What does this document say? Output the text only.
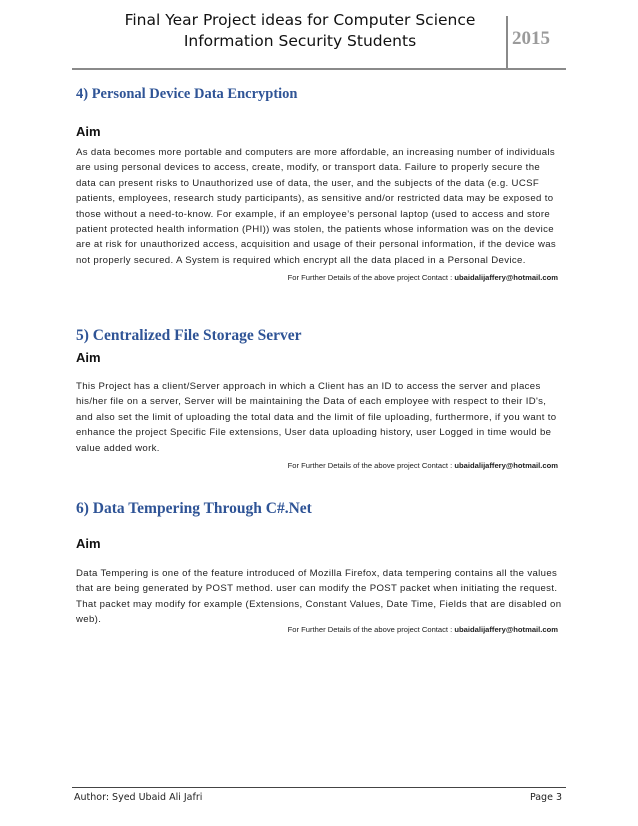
Final Year Project ideas for Computer Science
Information Security Students	2015
4) Personal Device Data Encryption

Aim

As data becomes more portable and computers are more affordable, an increasing number of individuals are using personal devices to access, create, modify, or transport data. Failure to properly secure the data can present risks to Unauthorized use of data, the user, and the subjects of the data (e.g. UCSF patients, employees, research study participants), as sensitive and/or restricted data may be exposed to those without a need-to-know. For example, if an employee’s personal laptop (used to access and store patient protected health information (PHI)) was stolen, the patients whose information was on the device are at risk for unauthorized access, acquisition and usage of their personal information, if the device was not properly secured. A System is required which encrypt all the data placed in a Personal Device.

For Further Details of the above project Contact : ubaidalijaffery@hotmail.com

5) Centralized File Storage Server

Aim

This Project has a client/Server approach in which a Client has an ID to access the server and places his/her file on a server, Server will be maintaining the Data of each employee with respect to their ID's, and also set the limit of uploading the total data and the limit of file uploading, furthermore, if you want to enhance the project Specific File extensions, User data uploading history, user Logged in time would be value added work.

For Further Details of the above project Contact : ubaidalijaffery@hotmail.com

6) Data Tempering Through C#.Net

Aim

Data Tempering is one of the feature introduced of Mozilla Firefox, data tempering contains all the values that are being generated by POST method. user can modify the POST packet when initiating the request. That packet may modify for example (Extensions, Constant Values, Date Time, Fields that are disabled on web).

For Further Details of the above project Contact : ubaidalijaffery@hotmail.com

Author: Syed Ubaid Ali Jafri	Page 3
